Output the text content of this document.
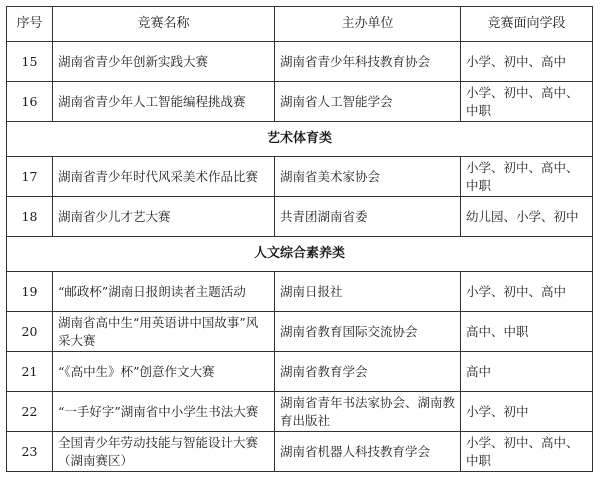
序号	竞赛名称	主办单位	竞赛面向学段
15	湖南省青少年创新实践大赛	湖南省青少年科技教育协会	小学、初中、高中
16	湖南省青少年人工智能编程挑战赛	湖南省人工智能学会	小学、初中、高中、中职
艺术体育类			
17	湖南省青少年时代风采美术作品比赛	湖南省美术家协会	小学、初中、高中、中职
18	湖南省少儿才艺大赛	共青团湖南省委	幼儿园、小学、初中
人文综合素养类			
19	“邮政杯”湖南日报朗读者主题活动	湖南日报社	小学、初中、高中
20	湖南省高中生“用英语讲中国故事”风采大赛	湖南省教育国际交流协会	高中、中职
21	“《高中生》杯”创意作文大赛	湖南省教育学会	高中
22	“一手好字”湖南省中小学生书法大赛	湖南省青年书法家协会、湖南教育出版社	小学、初中
23	全国青少年劳动技能与智能设计大赛（湖南赛区）	湖南省机器人科技教育学会	小学、初中、高中、中职
